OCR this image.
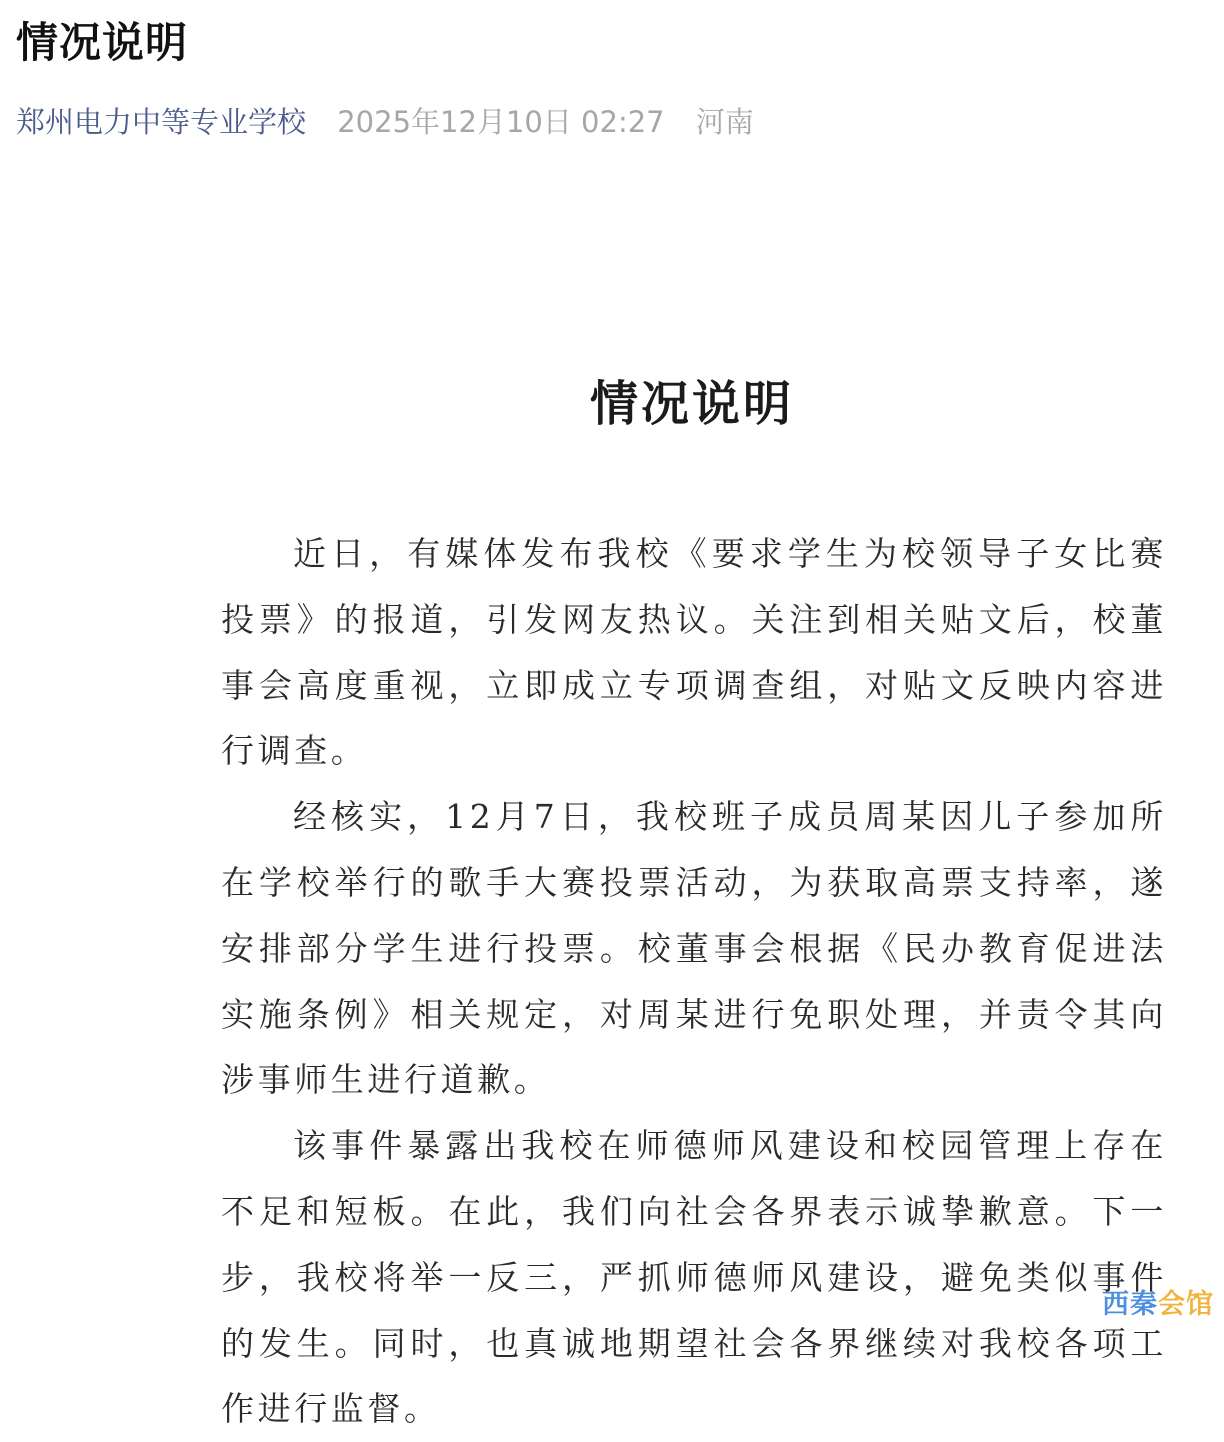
情况说明
郑州电力中等专业学校 2025年12月10日 02:27 河南
情况说明

近日，有媒体发布我校《要求学生为校领导子女比赛投票》的报道，引发网友热议。关注到相关贴文后，校董事会高度重视，立即成立专项调查组，对贴文反映内容进行调查。

经核实，12月7日，我校班子成员周某因儿子参加所在学校举行的歌手大赛投票活动，为获取高票支持率，遂安排部分学生进行投票。校董事会根据《民办教育促进法实施条例》相关规定，对周某进行免职处理，并责令其向涉事师生进行道歉。

该事件暴露出我校在师德师风建设和校园管理上存在不足和短板。在此，我们向社会各界表示诚挚歉意。下一步，我校将举一反三，严抓师德师风建设，避免类似事件的发生。同时，也真诚地期望社会各界继续对我校各项工作进行监督。

西秦会馆
